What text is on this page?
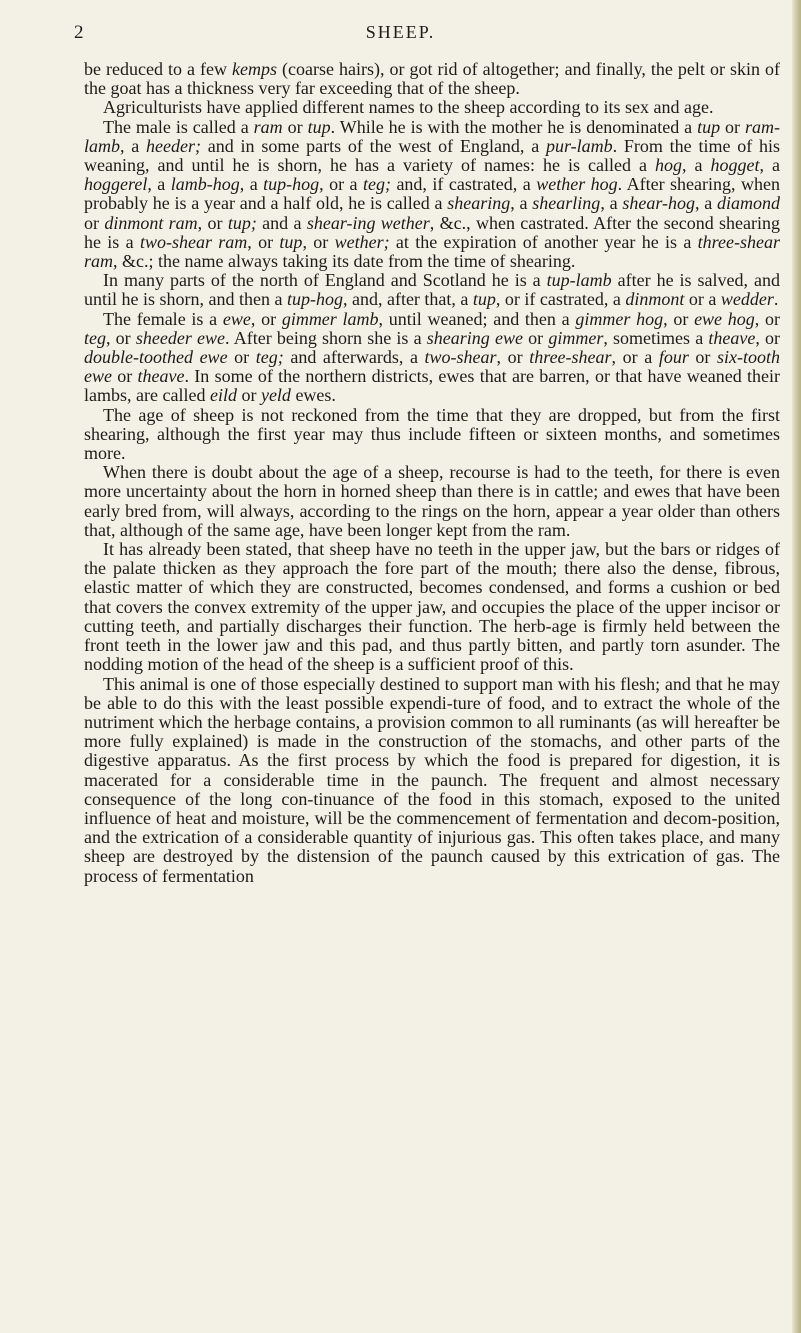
2	SHEEP.

be reduced to a few kemps (coarse hairs), or got rid of altogether; and finally, the pelt or skin of the goat has a thickness very far exceeding that of the sheep.

Agriculturists have applied different names to the sheep according to its sex and age.

The male is called a ram or tup. While he is with the mother he is denominated a tup or ram-lamb, a heeder; and in some parts of the west of England, a pur-lamb. From the time of his weaning, and until he is shorn, he has a variety of names: he is called a hog, a hogget, a hoggerel, a lamb-hog, a tup-hog, or a teg; and, if castrated, a wether hog. After shearing, when probably he is a year and a half old, he is called a shearing, a shearling, a shear-hog, a diamond or dinmont ram, or tup; and a shear-ing wether, &c., when castrated. After the second shearing he is a two-shear ram, or tup, or wether; at the expiration of another year he is a three-shear ram, &c.; the name always taking its date from the time of shearing.

In many parts of the north of England and Scotland he is a tup-lamb after he is salved, and until he is shorn, and then a tup-hog, and, after that, a tup, or if castrated, a dinmont or a wedder.

The female is a ewe, or gimmer lamb, until weaned; and then a gimmer hog, or ewe hog, or teg, or sheeder ewe. After being shorn she is a shearing ewe or gimmer, sometimes a theave, or double-toothed ewe or teg; and afterwards, a two-shear, or three-shear, or a four or six-tooth ewe or theave. In some of the northern districts, ewes that are barren, or that have weaned their lambs, are called eild or yeld ewes.

The age of sheep is not reckoned from the time that they are dropped, but from the first shearing, although the first year may thus include fifteen or sixteen months, and sometimes more.

When there is doubt about the age of a sheep, recourse is had to the teeth, for there is even more uncertainty about the horn in horned sheep than there is in cattle; and ewes that have been early bred from, will always, according to the rings on the horn, appear a year older than others that, although of the same age, have been longer kept from the ram.

It has already been stated, that sheep have no teeth in the upper jaw, but the bars or ridges of the palate thicken as they approach the fore part of the mouth; there also the dense, fibrous, elastic matter of which they are constructed, becomes condensed, and forms a cushion or bed that covers the convex extremity of the upper jaw, and occupies the place of the upper incisor or cutting teeth, and partially discharges their function. The herb-age is firmly held between the front teeth in the lower jaw and this pad, and thus partly bitten, and partly torn asunder. The nodding motion of the head of the sheep is a sufficient proof of this.

This animal is one of those especially destined to support man with his flesh; and that he may be able to do this with the least possible expendi-ture of food, and to extract the whole of the nutriment which the herbage contains, a provision common to all ruminants (as will hereafter be more fully explained) is made in the construction of the stomachs, and other parts of the digestive apparatus. As the first process by which the food is prepared for digestion, it is macerated for a considerable time in the paunch. The frequent and almost necessary consequence of the long con-tinuance of the food in this stomach, exposed to the united influence of heat and moisture, will be the commencement of fermentation and decom-position, and the extrication of a considerable quantity of injurious gas. This often takes place, and many sheep are destroyed by the distension of the paunch caused by this extrication of gas. The process of fermentation
